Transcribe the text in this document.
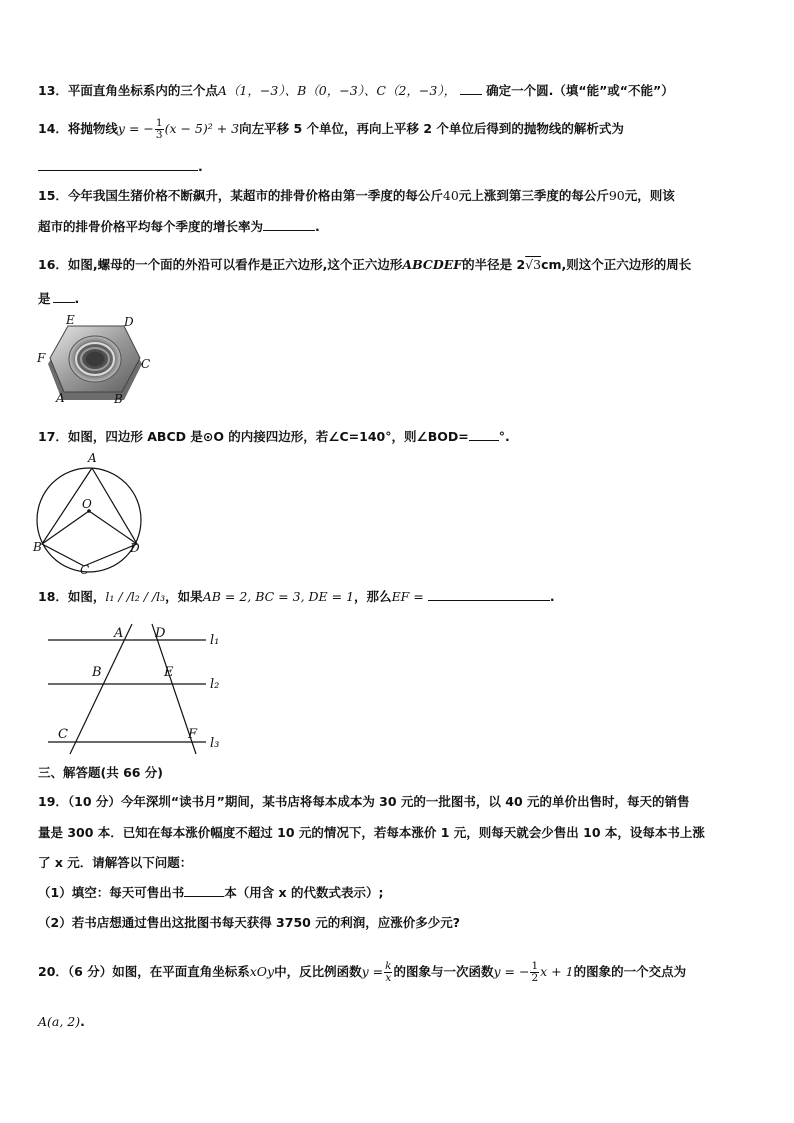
13．平面直角坐标系内的三个点A（1，−3）、B（0，−3）、C（2，−3）， 确定一个圆.（填“能”或“不能”）
14．将抛物线y = − $\frac{1}{3} (x - 5)^2 + 3$向左平移 5 个单位，再向上平移 2 个单位后得到的抛物线的解析式为
.
15．今年我国生猪价格不断飙升，某超市的排骨价格由第一季度的每公斤40元上涨到第三季度的每公斤90元，则该
超市的排骨价格平均每个季度的增长率为	.
16．如图,螺母的一个面的外沿可以看作是正六边形,这个正六边形ABCDEF的半径是 2√3cm,则这个正六边形的周长
是 .
E	D
F	C
A	B
17．如图，四边形 ABCD 是⊙O 的内接四边形，若∠C=140°，则∠BOD= °.
A
O
B	D
C
18．如图，l₁ / /l₂ / /l₃，如果AB = 2, BC = 3, DE = 1，那么EF =	.
A D	l₁
B	E
l₂
C	F
l₃
三、解答题(共 66 分)
19．（10 分）今年深圳“读书月”期间，某书店将每本成本为 30 元的一批图书，以 40 元的单价出售时，每天的销售
量是 300 本．已知在每本涨价幅度不超过 10 元的情况下，若每本涨价 1 元，则每天就会少售出 10 本，设每本书上涨
了 x 元．请解答以下问题：
（1）填空：每天可售出书	本（用含 x 的代数式表示）;
（2）若书店想通过售出这批图书每天获得 3750 元的利润，应涨价多少元?
20．（6 分）如图，在平面直角坐标系xOy中，反比例函数$y = \frac{k}{x}$ 的图象与一次函数y = − $\frac{1}{2}$ x + 1的图象的一个交点为
A(a, 2).
